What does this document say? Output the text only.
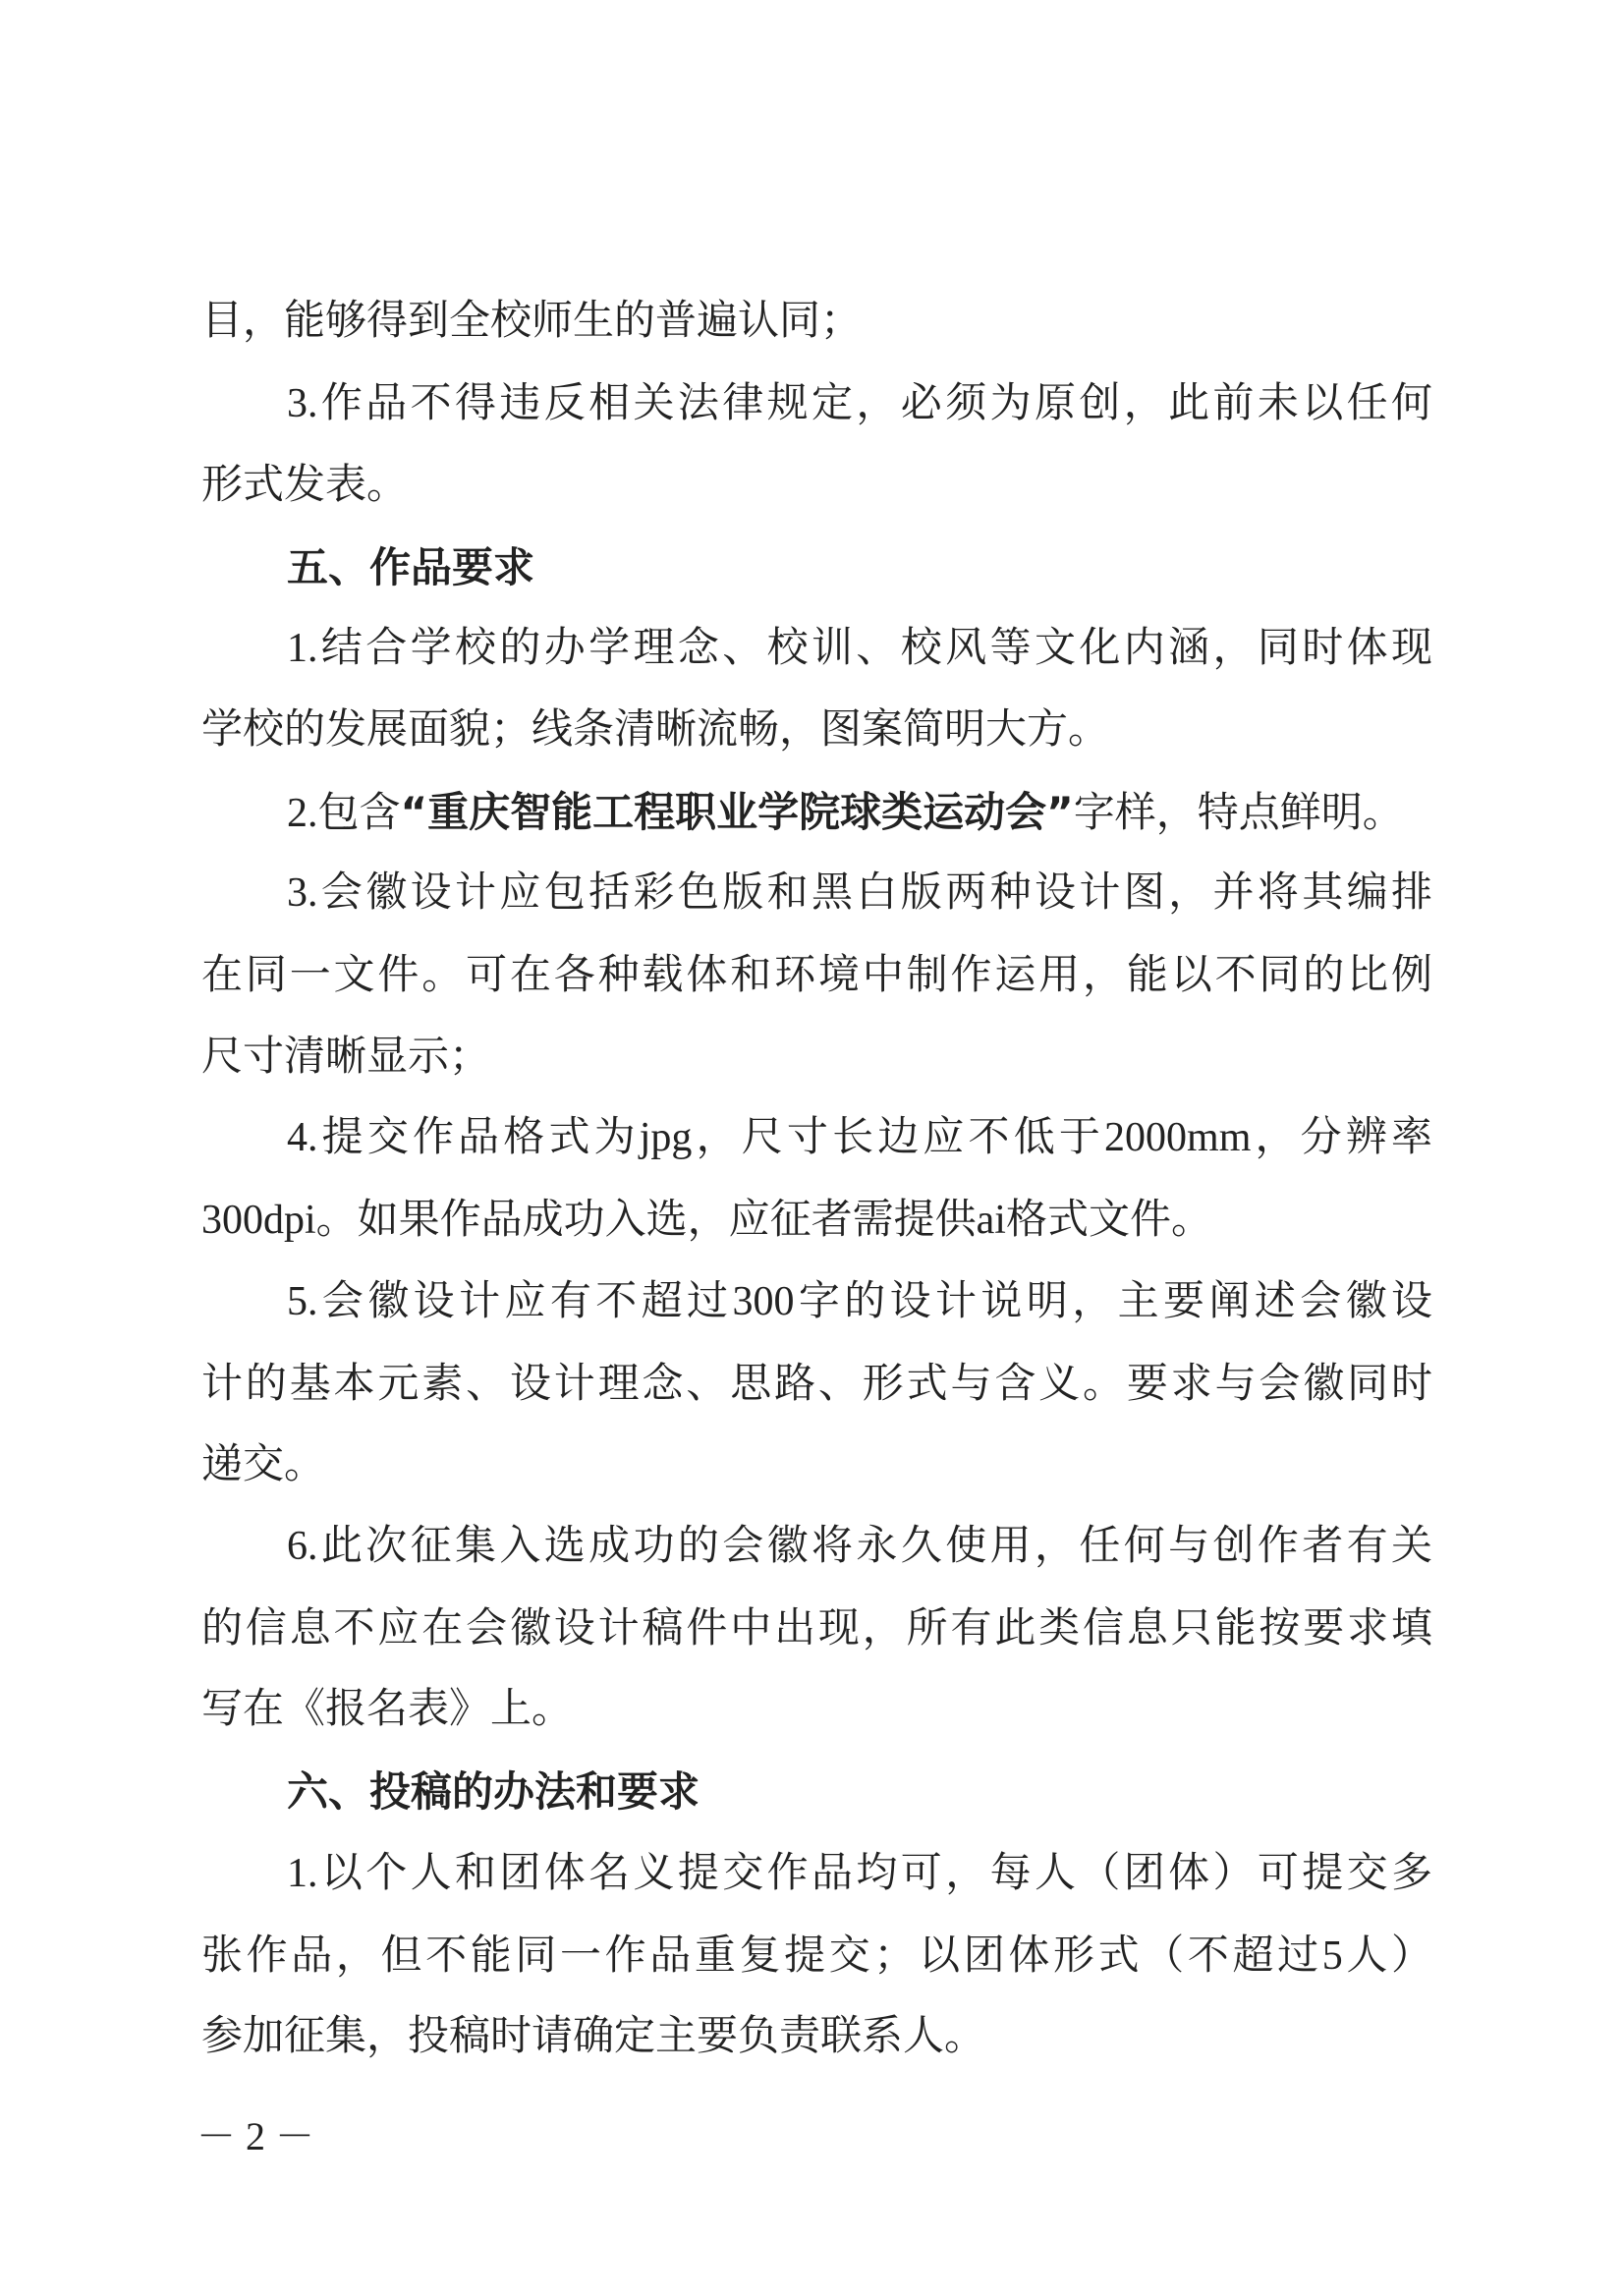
目，能够得到全校师生的普遍认同；
3.作品不得违反相关法律规定，必须为原创，此前未以任何
形式发表。
五、作品要求
1.结合学校的办学理念、校训、校风等文化内涵，同时体现
学校的发展面貌；线条清晰流畅，图案简明大方。
2.包含“重庆智能工程职业学院球类运动会”字样，特点鲜明。
3.会徽设计应包括彩色版和黑白版两种设计图，并将其编排
在同一文件。可在各种载体和环境中制作运用，能以不同的比例
尺寸清晰显示；
4.提交作品格式为jpg，尺寸长边应不低于2000mm，分辨率
300dpi。如果作品成功入选，应征者需提供ai格式文件。
5.会徽设计应有不超过300字的设计说明，主要阐述会徽设
计的基本元素、设计理念、思路、形式与含义。要求与会徽同时
递交。
6.此次征集入选成功的会徽将永久使用，任何与创作者有关
的信息不应在会徽设计稿件中出现，所有此类信息只能按要求填
写在《报名表》上。
六、投稿的办法和要求
1.以个人和团体名义提交作品均可，每人（团体）可提交多
张作品，但不能同一作品重复提交；以团体形式（不超过5人）
参加征集，投稿时请确定主要负责联系人。
－ 2 －
